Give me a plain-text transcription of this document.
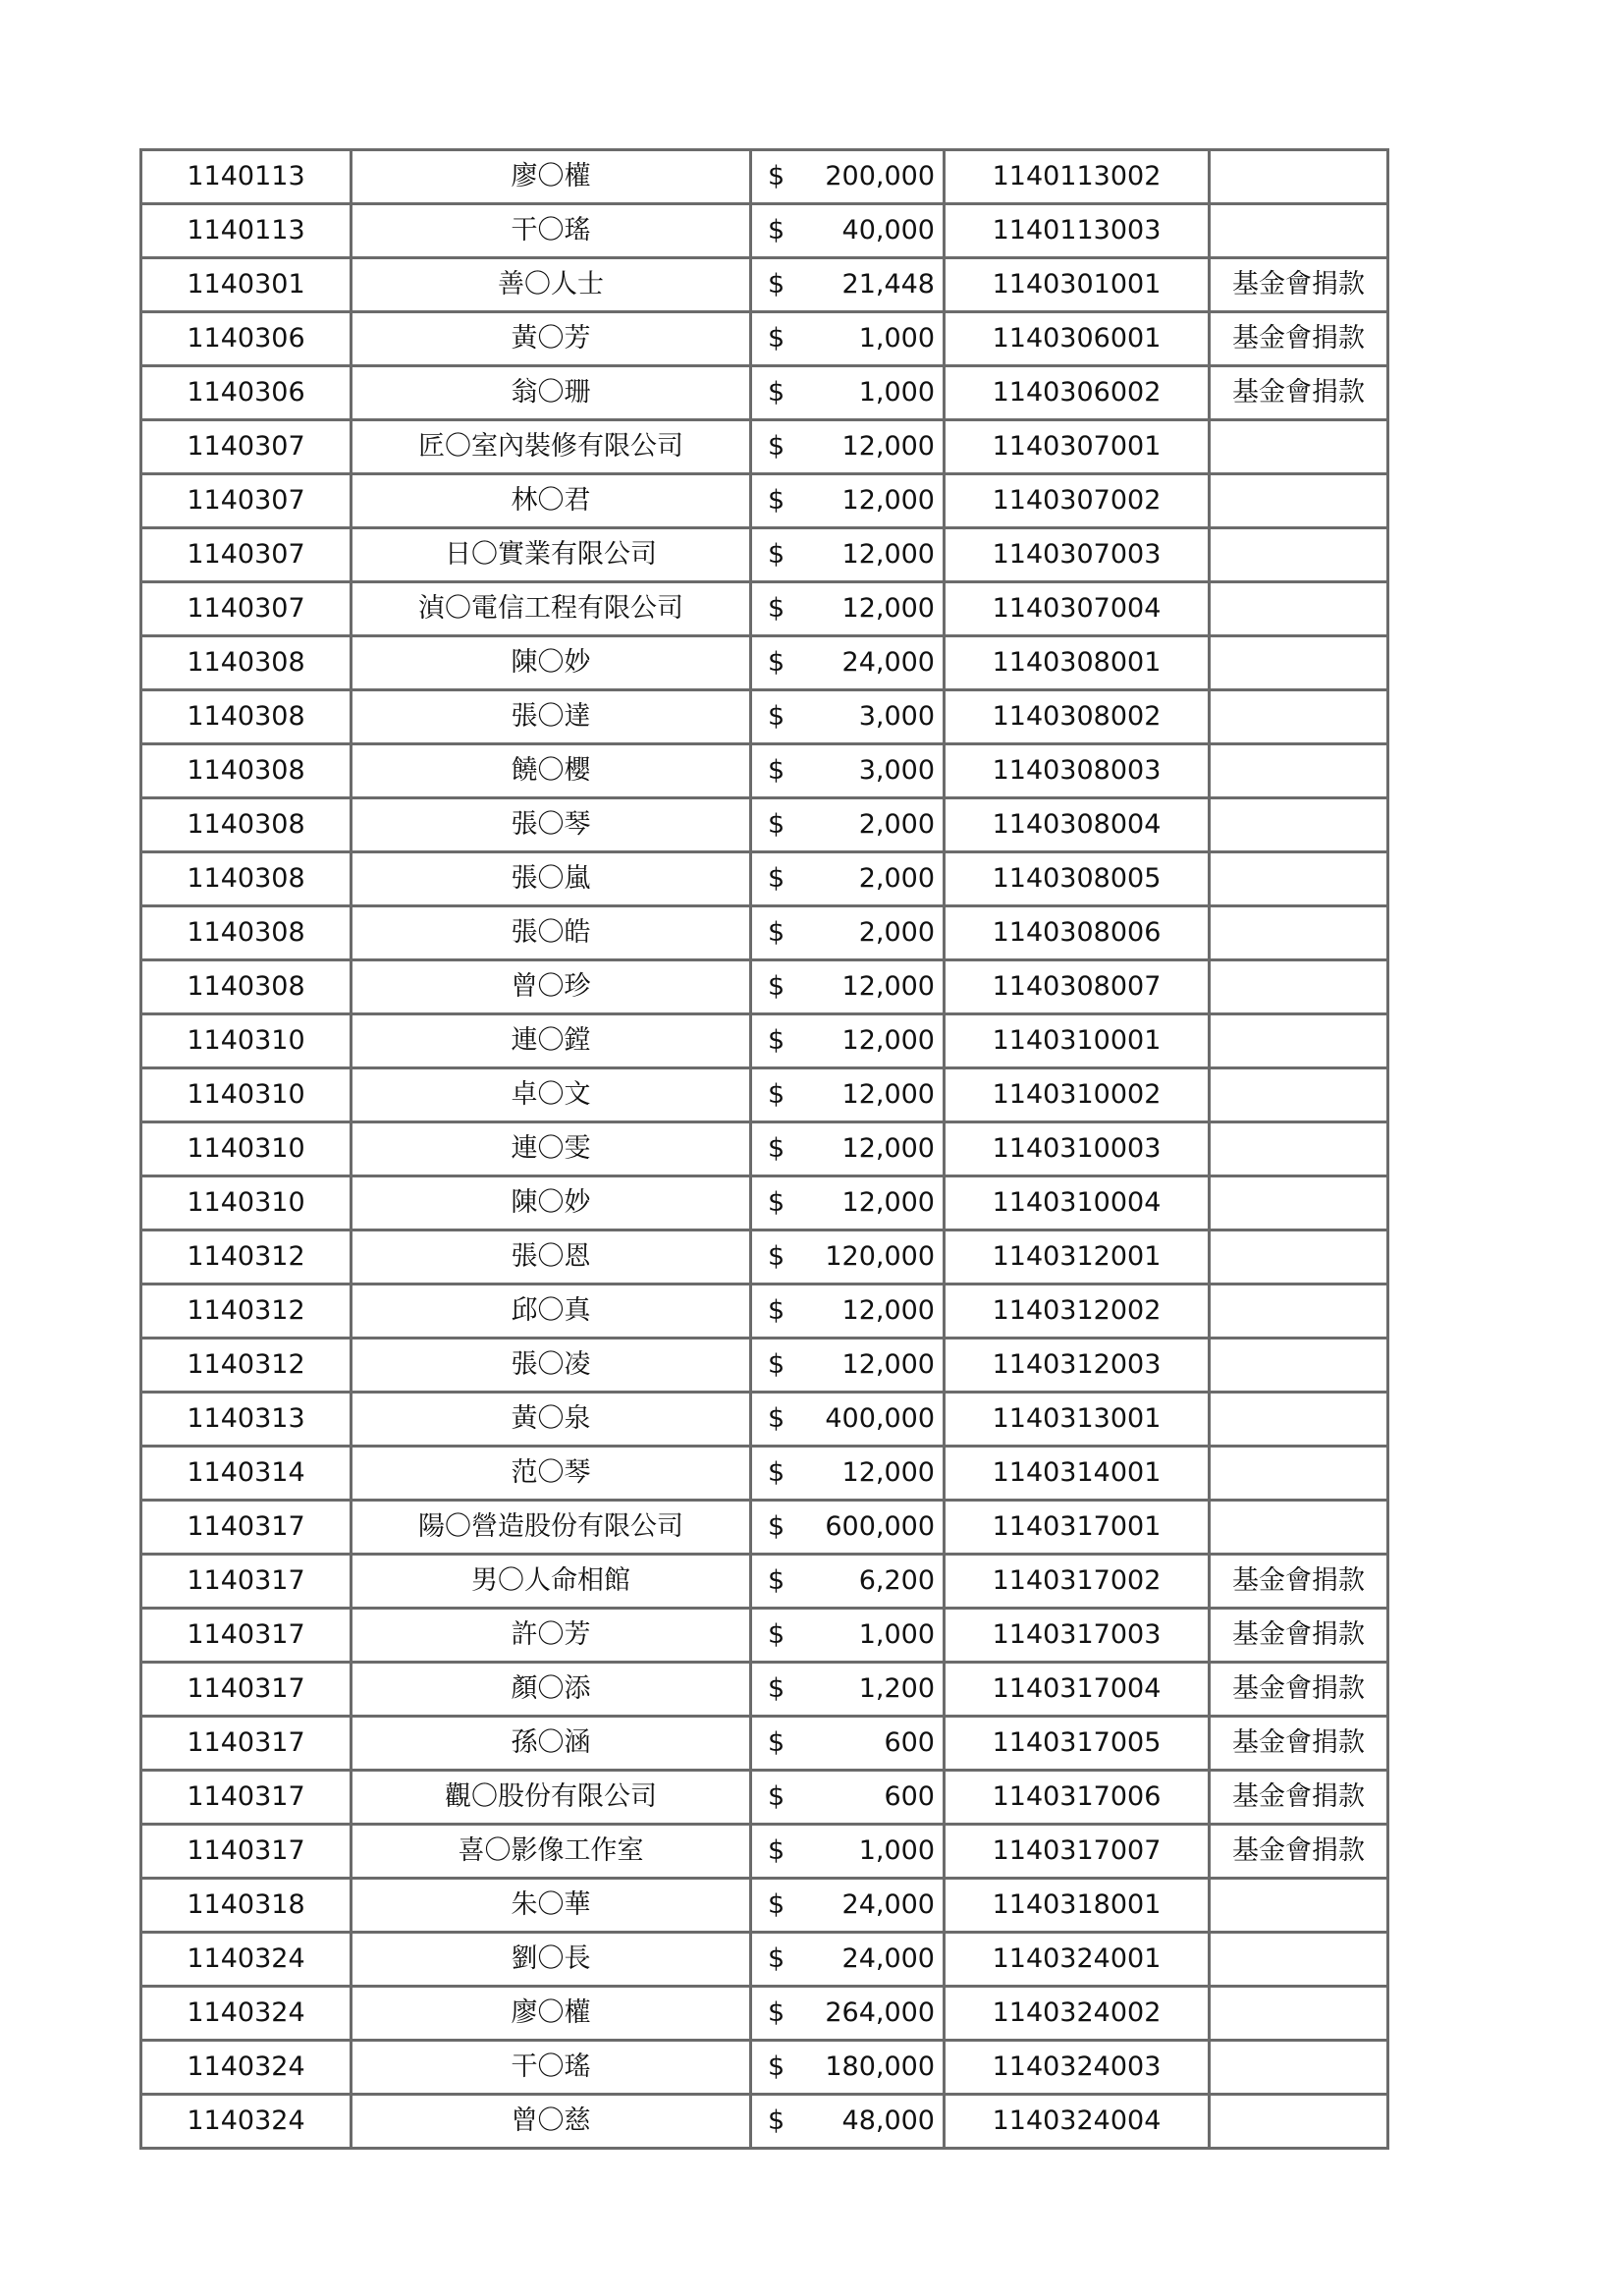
1140113	廖〇權	$ 200,000	1140113002	
1140113	干〇瑤	$ 40,000	1140113003	
1140301	善〇人士	$ 21,448	1140301001	基金會捐款
1140306	黃〇芳	$ 1,000	1140306001	基金會捐款
1140306	翁〇珊	$ 1,000	1140306002	基金會捐款
1140307	匠〇室內裝修有限公司	$ 12,000	1140307001	
1140307	林〇君	$ 12,000	1140307002	
1140307	日〇實業有限公司	$ 12,000	1140307003	
1140307	湞〇電信工程有限公司	$ 12,000	1140307004	
1140308	陳〇妙	$ 24,000	1140308001	
1140308	張〇達	$ 3,000	1140308002	
1140308	饒〇櫻	$ 3,000	1140308003	
1140308	張〇琴	$ 2,000	1140308004	
1140308	張〇嵐	$ 2,000	1140308005	
1140308	張〇皓	$ 2,000	1140308006	
1140308	曾〇珍	$ 12,000	1140308007	
1140310	連〇鏜	$ 12,000	1140310001	
1140310	卓〇文	$ 12,000	1140310002	
1140310	連〇雯	$ 12,000	1140310003	
1140310	陳〇妙	$ 12,000	1140310004	
1140312	張〇恩	$ 120,000	1140312001	
1140312	邱〇真	$ 12,000	1140312002	
1140312	張〇凌	$ 12,000	1140312003	
1140313	黃〇泉	$ 400,000	1140313001	
1140314	范〇琴	$ 12,000	1140314001	
1140317	陽〇營造股份有限公司	$ 600,000	1140317001	
1140317	男〇人命相館	$ 6,200	1140317002	基金會捐款
1140317	許〇芳	$ 1,000	1140317003	基金會捐款
1140317	顏〇添	$ 1,200	1140317004	基金會捐款
1140317	孫〇涵	$ 600	1140317005	基金會捐款
1140317	觀〇股份有限公司	$ 600	1140317006	基金會捐款
1140317	喜〇影像工作室	$ 1,000	1140317007	基金會捐款
1140318	朱〇華	$ 24,000	1140318001	
1140324	劉〇長	$ 24,000	1140324001	
1140324	廖〇權	$ 264,000	1140324002	
1140324	干〇瑤	$ 180,000	1140324003	
1140324	曾〇慈	$ 48,000	1140324004	
